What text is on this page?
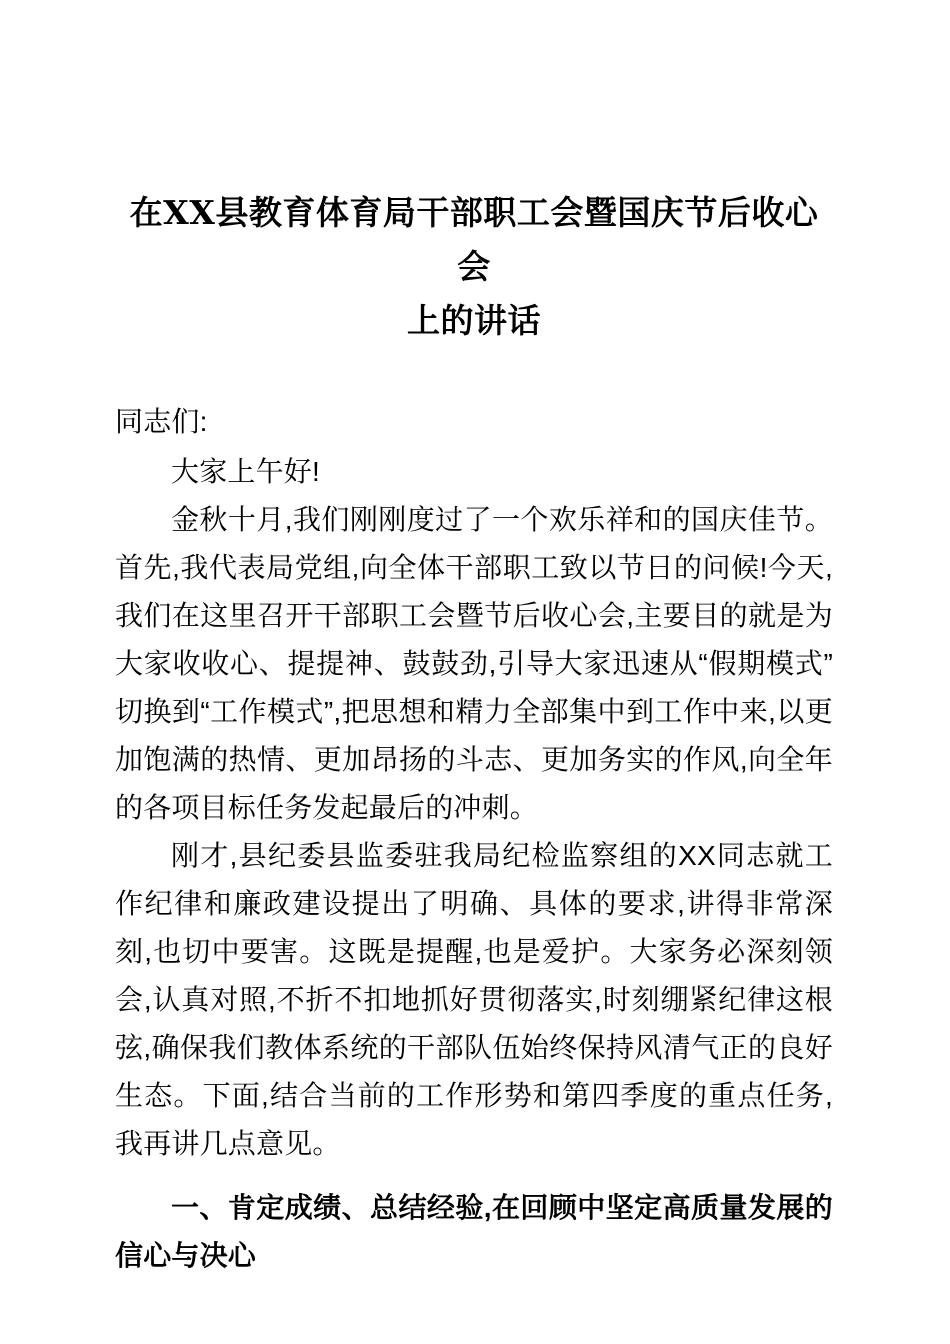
在XX县教育体育局干部职工会暨国庆节后收心会
上的讲话

同志们:

大家上午好!

金秋十月,我们刚刚度过了一个欢乐祥和的国庆佳节。首先,我代表局党组,向全体干部职工致以节日的问候!今天,我们在这里召开干部职工会暨节后收心会,主要目的就是为大家收收心、提提神、鼓鼓劲,引导大家迅速从“假期模式”切换到“工作模式”,把思想和精力全部集中到工作中来,以更加饱满的热情、更加昂扬的斗志、更加务实的作风,向全年的各项目标任务发起最后的冲刺。

刚才,县纪委县监委驻我局纪检监察组的XX同志就工作纪律和廉政建设提出了明确、具体的要求,讲得非常深刻,也切中要害。这既是提醒,也是爱护。大家务必深刻领会,认真对照,不折不扣地抓好贯彻落实,时刻绷紧纪律这根弦,确保我们教体系统的干部队伍始终保持风清气正的良好生态。下面,结合当前的工作形势和第四季度的重点任务,我再讲几点意见。

一、肯定成绩、总结经验,在回顾中坚定高质量发展的信心与决心
